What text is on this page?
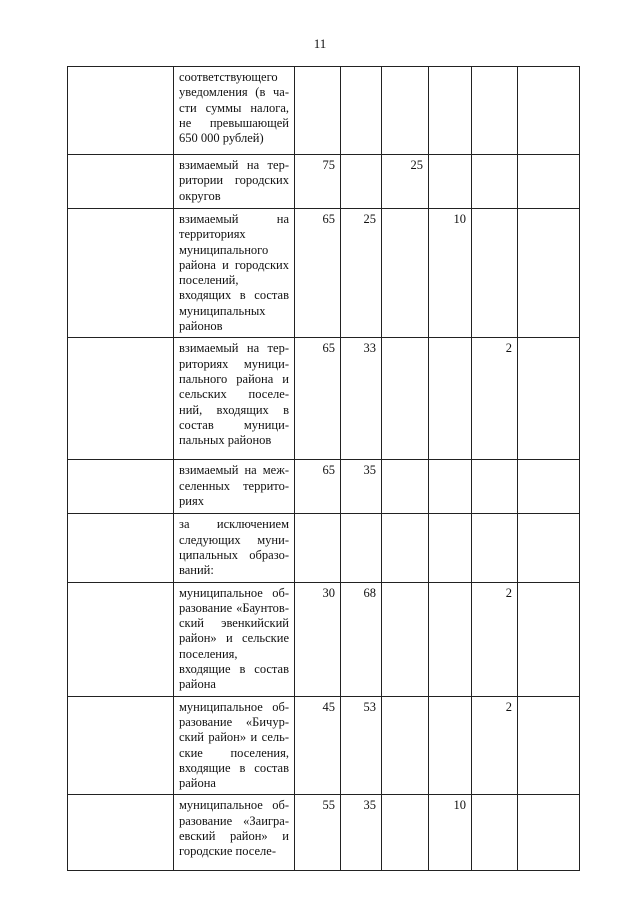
11
	соответствующего уведомления (в части суммы налога, не превышающей 650 000 рублей)						
	взимаемый на территории городских округов	75		25			
	взимаемый на территориях муниципального района и городских поселений, входящих в состав муниципальных районов	65	25		10		
	взимаемый на территориях муниципального района и сельских поселений, входящих в состав муниципальных районов	65	33			2	
	взимаемый на межселенных территориях	65	35				
	за исключением следующих муниципальных образований:						
	муниципальное образование «Баунтовский эвенкийский район» и сельские поселения, входящие в состав района	30	68			2	
	муниципальное образование «Бичурский район» и сельские поселения, входящие в состав района	45	53			2	
	муниципальное образование «Заиграевский район» и городские поселе-	55	35		10		
